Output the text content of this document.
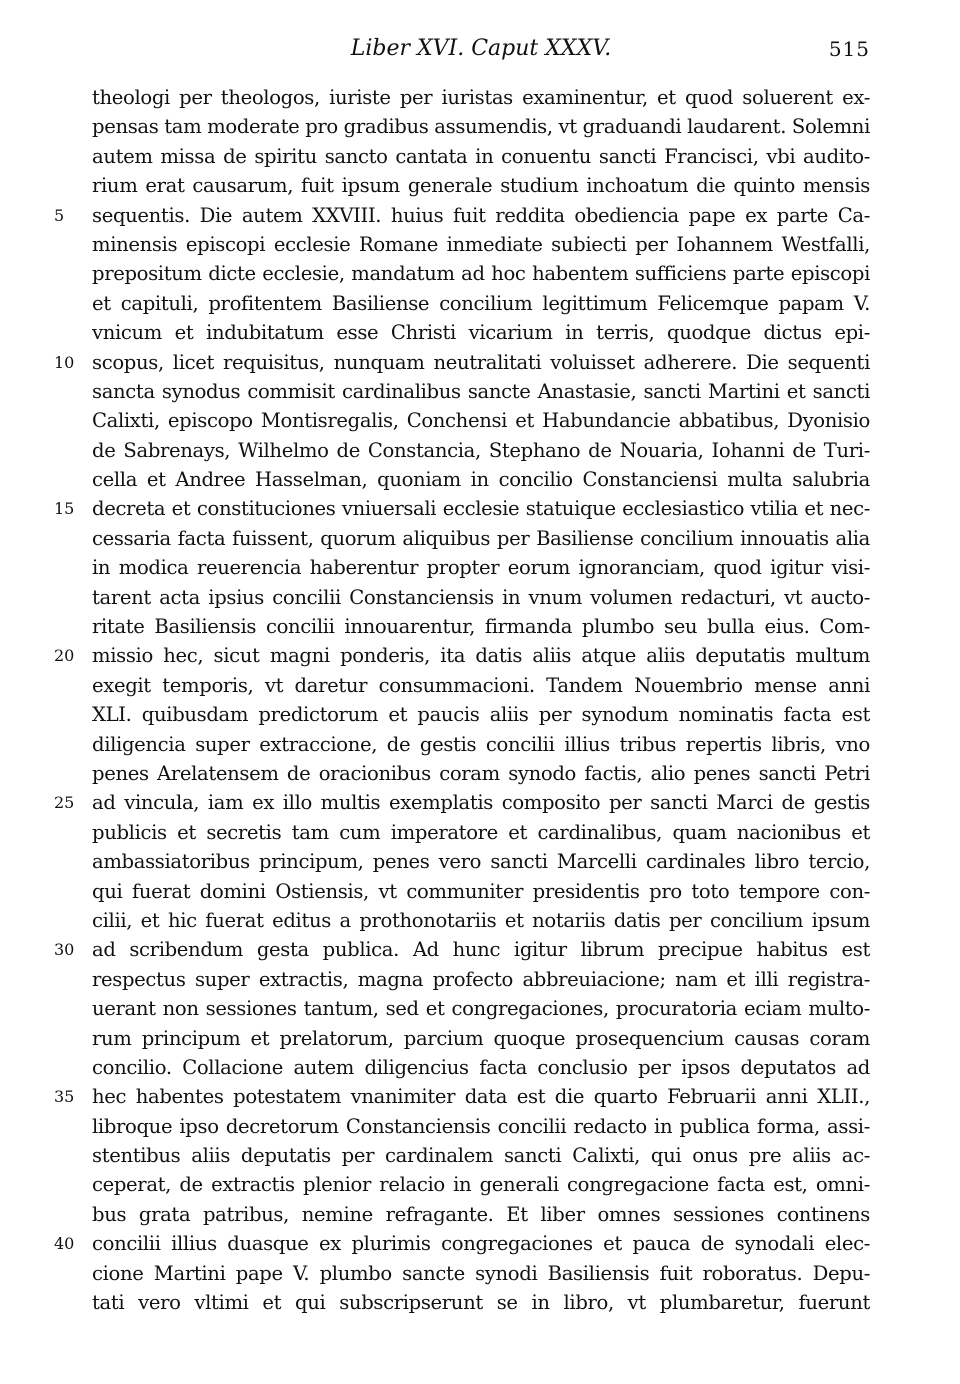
Liber XVI. Caput XXXV.	515
theologi per theologos, iuriste per iuristas examinentur, et quod soluerent ex-
pensas tam moderate pro gradibus assumendis, vt graduandi laudarent. Solemni
autem missa de spiritu sancto cantata in conuentu sancti Francisci, vbi audito-
rium erat causarum, fuit ipsum generale studium inchoatum die quinto mensis
sequentis. Die autem XXVIII. huius fuit reddita obediencia pape ex parte Ca-
5
minensis episcopi ecclesie Romane inmediate subiecti per Iohannem Westfalli,
prepositum dicte ecclesie, mandatum ad hoc habentem sufficiens parte episcopi
et capituli, profitentem Basiliense concilium legittimum Felicemque papam V.
vnicum et indubitatum esse Christi vicarium in terris, quodque dictus epi-
scopus, licet requisitus, nunquam neutralitati voluisset adherere. Die sequenti
10
sancta synodus commisit cardinalibus sancte Anastasie, sancti Martini et sancti
Calixti, episcopo Montisregalis, Conchensi et Habundancie abbatibus, Dyonisio
de Sabrenays, Wilhelmo de Constancia, Stephano de Nouaria, Iohanni de Turi-
cella et Andree Hasselman, quoniam in concilio Constanciensi multa salubria
decreta et constituciones vniuersali ecclesie statuique ecclesiastico vtilia et nec-
15
cessaria facta fuissent, quorum aliquibus per Basiliense concilium innouatis alia
in modica reuerencia haberentur propter eorum ignoranciam, quod igitur visi-
tarent acta ipsius concilii Constanciensis in vnum volumen redacturi, vt aucto-
ritate Basiliensis concilii innouarentur, firmanda plumbo seu bulla eius. Com-
missio hec, sicut magni ponderis, ita datis aliis atque aliis deputatis multum
20
exegit temporis, vt daretur consummacioni. Tandem Nouembrio mense anni
XLI. quibusdam predictorum et paucis aliis per synodum nominatis facta est
diligencia super extraccione, de gestis concilii illius tribus repertis libris, vno
penes Arelatensem de oracionibus coram synodo factis, alio penes sancti Petri
ad vincula, iam ex illo multis exemplatis composito per sancti Marci de gestis
25
publicis et secretis tam cum imperatore et cardinalibus, quam nacionibus et
ambassiatoribus principum, penes vero sancti Marcelli cardinales libro tercio,
qui fuerat domini Ostiensis, vt communiter presidentis pro toto tempore con-
cilii, et hic fuerat editus a prothonotariis et notariis datis per concilium ipsum
ad scribendum gesta publica. Ad hunc igitur librum precipue habitus est
30
respectus super extractis, magna profecto abbreuiacione; nam et illi registra-
uerant non sessiones tantum, sed et congregaciones, procuratoria eciam multo-
rum principum et prelatorum, parcium quoque prosequencium causas coram
concilio. Collacione autem diligencius facta conclusio per ipsos deputatos ad
hec habentes potestatem vnanimiter data est die quarto Februarii anni XLII.,
35
libroque ipso decretorum Constanciensis concilii redacto in publica forma, assi-
stentibus aliis deputatis per cardinalem sancti Calixti, qui onus pre aliis ac-
ceperat, de extractis plenior relacio in generali congregacione facta est, omni-
bus grata patribus, nemine refragante. Et liber omnes sessiones continens
concilii illius duasque ex plurimis congregaciones et pauca de synodali elec-
40
cione Martini pape V. plumbo sancte synodi Basiliensis fuit roboratus. Depu-
tati vero vltimi et qui subscripserunt se in libro, vt plumbaretur, fuerunt
